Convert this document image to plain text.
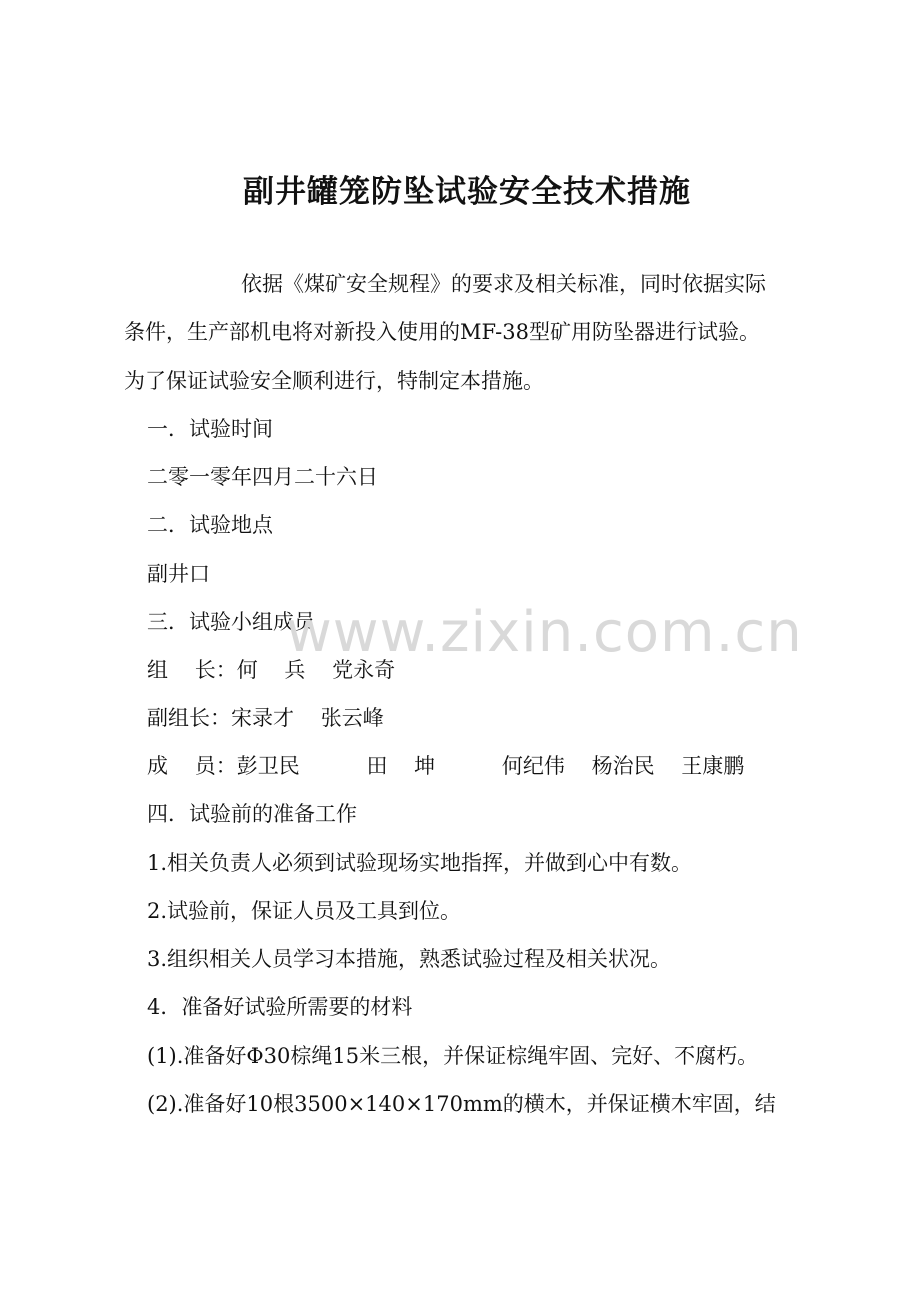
副井罐笼防坠试验安全技术措施
依据《煤矿安全规程》的要求及相关标准，同时依据实际
条件，生产部机电将对新投入使用的MF-38型矿用防坠器进行试验。
为了保证试验安全顺利进行，特制定本措施。
一．试验时间
二零一零年四月二十六日
二．试验地点
副井口
三．试验小组成员
组    长：何    兵    党永奇
副组长：宋录才    张云峰
成    员：彭卫民          田    坤          何纪伟    杨治民    王康鹏
四．试验前的准备工作
1.相关负责人必须到试验现场实地指挥，并做到心中有数。
2.试验前，保证人员及工具到位。
3.组织相关人员学习本措施，熟悉试验过程及相关状况。
4．准备好试验所需要的材料
(1).准备好Φ30棕绳15米三根，并保证棕绳牢固、完好、不腐朽。
(2).准备好10根3500×140×170mm的横木，并保证横木牢固，结
www.zixin.com.cn
